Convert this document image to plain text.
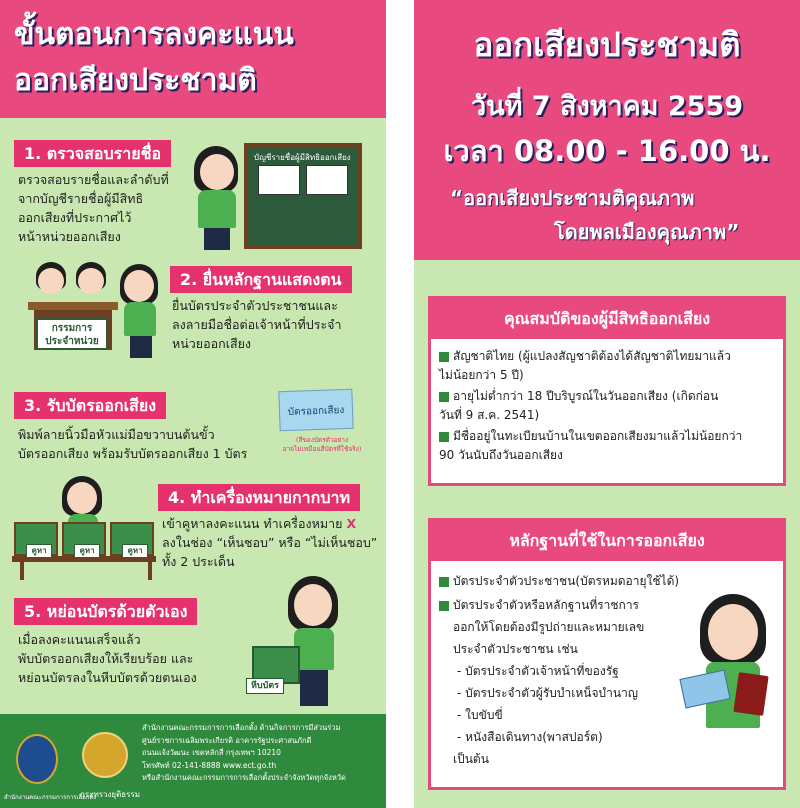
ขั้นตอนการลงคะแนน
ออกเสียงประชามติ
1. ตรวจสอบรายชื่อ
ตรวจสอบรายชื่อและลำดับที่
จากบัญชีรายชื่อผู้มีสิทธิ
ออกเสียงที่ประกาศไว้
หน้าหน่วยออกเสียง
บัญชีรายชื่อผู้มีสิทธิออกเสียง
กรรมการ
ประจำหน่วย
2. ยื่นหลักฐานแสดงตน
ยื่นบัตรประจำตัวประชาชนและ
ลงลายมือชื่อต่อเจ้าหน้าที่ประจำ
หน่วยออกเสียง
3. รับบัตรออกเสียง
พิมพ์ลายนิ้วมือหัวแม่มือขวาบนต้นขั้ว
บัตรออกเสียง พร้อมรับบัตรออกเสียง 1 บัตร
บัตรออกเสียง
(สีของบัตรตัวอย่าง
อาจไม่เหมือนสีบัตรที่ใช้จริง)
4. ทำเครื่องหมายกากบาท
คูหา	คูหา	คูหา
เข้าคูหาลงคะแนน ทำเครื่องหมาย X
ลงในช่อง “เห็นชอบ” หรือ “ไม่เห็นชอบ”
ทั้ง 2 ประเด็น
5. หย่อนบัตรด้วยตัวเอง
เมื่อลงคะแนนเสร็จแล้ว
พับบัตรออกเสียงให้เรียบร้อย และ
หย่อนบัตรลงในหีบบัตรด้วยตนเอง
หีบบัตร
สำนักงานคณะกรรมการการเลือกตั้ง
กระทรวงยุติธรรม
สำนักงานคณะกรรมการการเลือกตั้ง ด้านกิจการการมีส่วนร่วม
ศูนย์ราชการเฉลิมพระเกียรติ อาคารรัฐประศาสนภักดี
ถนนแจ้งวัฒนะ เขตหลักสี่ กรุงเทพฯ 10210
โทรศัพท์ 02-141-8888 www.ect.go.th
หรือสำนักงานคณะกรรมการการเลือกตั้งประจำจังหวัดทุกจังหวัด
ออกเสียงประชามติ
วันที่ 7 สิงหาคม 2559
เวลา 08.00 - 16.00 น.
“ออกเสียงประชามติคุณภาพ
โดยพลเมืองคุณภาพ”
คุณสมบัติของผู้มีสิทธิออกเสียง
สัญชาติไทย (ผู้แปลงสัญชาติต้องได้สัญชาติไทยมาแล้ว
ไม่น้อยกว่า 5 ปี)
อายุไม่ต่ำกว่า 18 ปีบริบูรณ์ในวันออกเสียง (เกิดก่อน
วันที่ 9 ส.ค. 2541)
มีชื่ออยู่ในทะเบียนบ้านในเขตออกเสียงมาแล้วไม่น้อยกว่า
90 วันนับถึงวันออกเสียง
หลักฐานที่ใช้ในการออกเสียง
บัตรประจำตัวประชาชน(บัตรหมดอายุใช้ได้)
บัตรประจำตัวหรือหลักฐานที่ราชการ
ออกให้โดยต้องมีรูปถ่ายและหมายเลข
ประจำตัวประชาชน เช่น
- บัตรประจำตัวเจ้าหน้าที่ของรัฐ
- บัตรประจำตัวผู้รับบำเหน็จบำนาญ
- ใบขับขี่
- หนังสือเดินทาง(พาสปอร์ต)
เป็นต้น
